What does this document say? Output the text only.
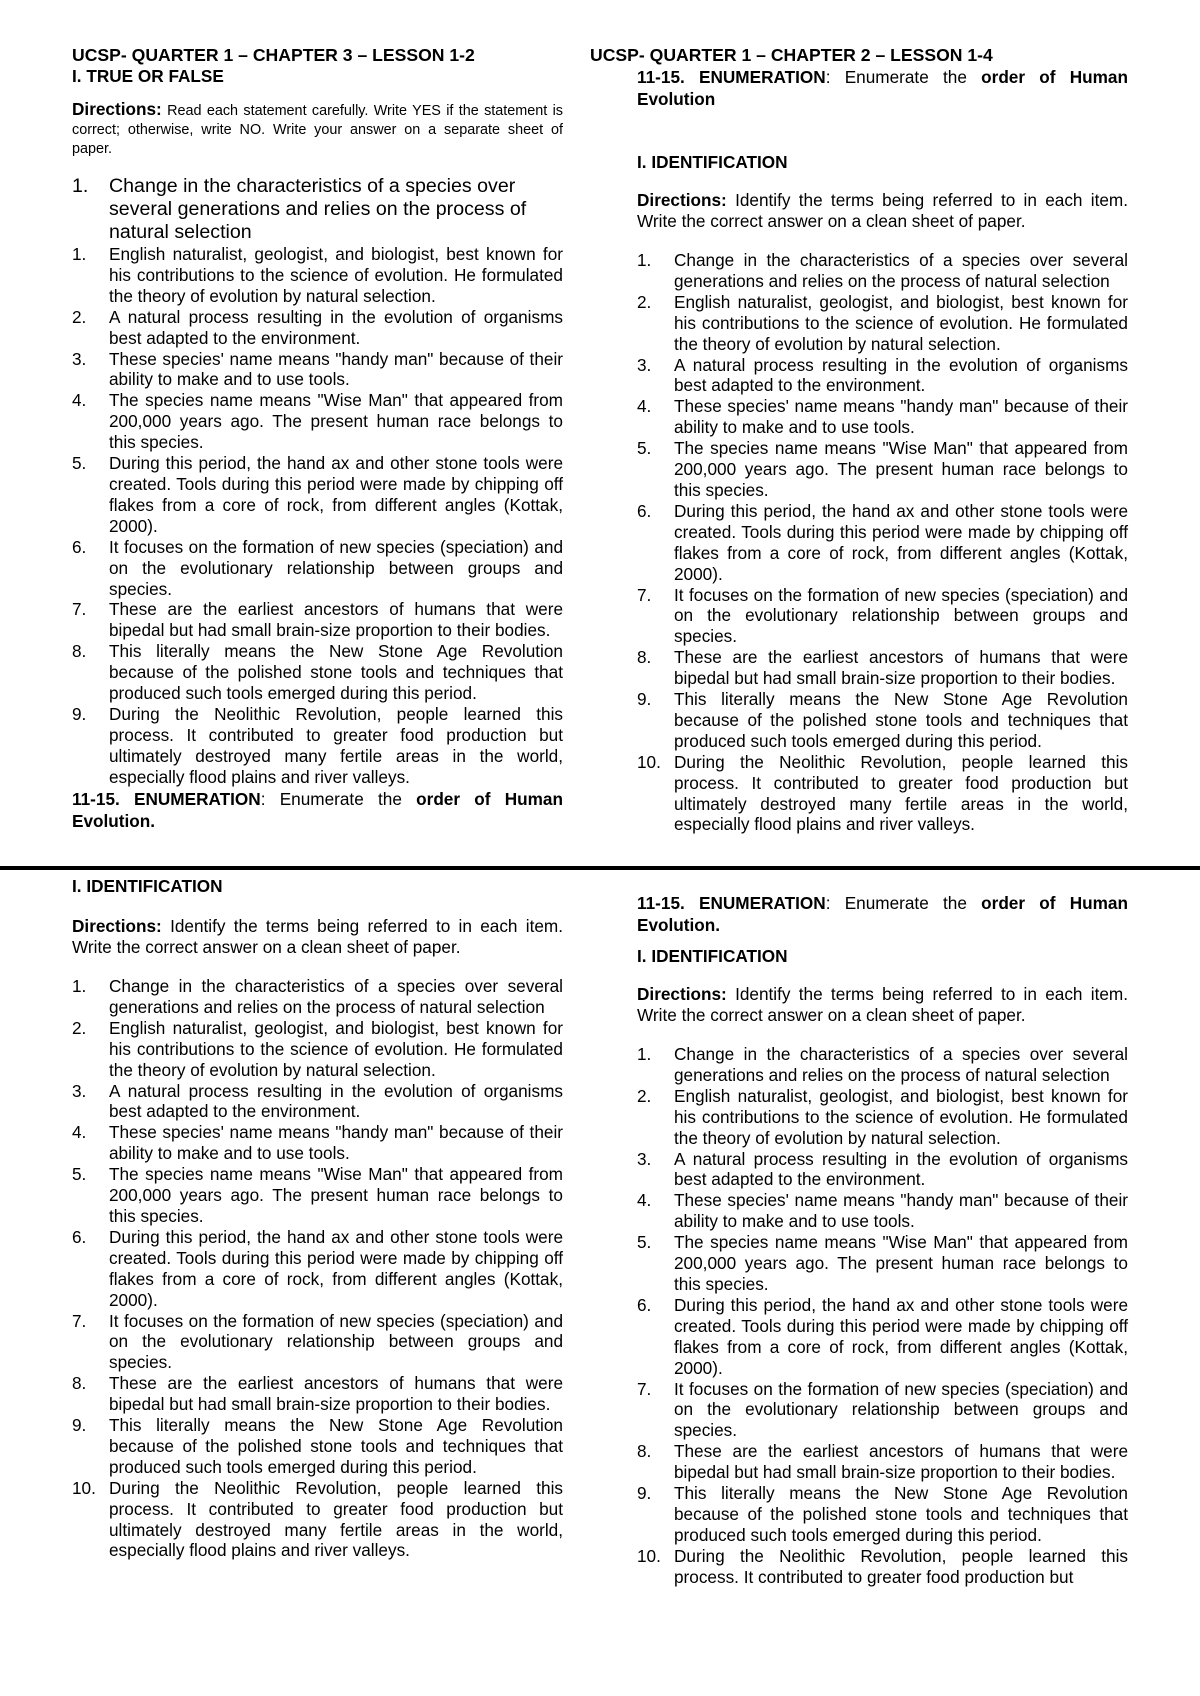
UCSP- QUARTER 1 – CHAPTER 3 – LESSON 1-2

I. TRUE OR FALSE

Directions: Read each statement carefully. Write YES if the statement is correct; otherwise, write NO. Write your answer on a separate sheet of paper.

1. Change in the characteristics of a species over several generations and relies on the process of natural selection
1. English naturalist, geologist, and biologist, best known for his contributions to the science of evolution. He formulated the theory of evolution by natural selection.
2. A natural process resulting in the evolution of organisms best adapted to the environment.
3. These species' name means "handy man" because of their ability to make and to use tools.
4. The species name means "Wise Man" that appeared from 200,000 years ago. The present human race belongs to this species.
5. During this period, the hand ax and other stone tools were created. Tools during this period were made by chipping off flakes from a core of rock, from different angles (Kottak, 2000).
6. It focuses on the formation of new species (speciation) and on the evolutionary relationship between groups and species.
7. These are the earliest ancestors of humans that were bipedal but had small brain-size proportion to their bodies.
8. This literally means the New Stone Age Revolution because of the polished stone tools and techniques that produced such tools emerged during this period.
9. During the Neolithic Revolution, people learned this process. It contributed to greater food production but ultimately destroyed many fertile areas in the world, especially flood plains and river valleys.

11-15. ENUMERATION: Enumerate the order of Human Evolution.

I. IDENTIFICATION

Directions: Identify the terms being referred to in each item. Write the correct answer on a clean sheet of paper.

1. Change in the characteristics of a species over several generations and relies on the process of natural selection
2. English naturalist, geologist, and biologist, best known for his contributions to the science of evolution. He formulated the theory of evolution by natural selection.
3. A natural process resulting in the evolution of organisms best adapted to the environment.
4. These species' name means "handy man" because of their ability to make and to use tools.
5. The species name means "Wise Man" that appeared from 200,000 years ago. The present human race belongs to this species.
6. During this period, the hand ax and other stone tools were created. Tools during this period were made by chipping off flakes from a core of rock, from different angles (Kottak, 2000).
7. It focuses on the formation of new species (speciation) and on the evolutionary relationship between groups and species.
8. These are the earliest ancestors of humans that were bipedal but had small brain-size proportion to their bodies.
9. This literally means the New Stone Age Revolution because of the polished stone tools and techniques that produced such tools emerged during this period.
10. During the Neolithic Revolution, people learned this process. It contributed to greater food production but ultimately destroyed many fertile areas in the world, especially flood plains and river valleys.

UCSP- QUARTER 1 – CHAPTER 2 – LESSON 1-4

11-15. ENUMERATION: Enumerate the order of Human Evolution

I. IDENTIFICATION

Directions: Identify the terms being referred to in each item. Write the correct answer on a clean sheet of paper.

1. Change in the characteristics of a species over several generations and relies on the process of natural selection
2. English naturalist, geologist, and biologist, best known for his contributions to the science of evolution. He formulated the theory of evolution by natural selection.
3. A natural process resulting in the evolution of organisms best adapted to the environment.
4. These species' name means "handy man" because of their ability to make and to use tools.
5. The species name means "Wise Man" that appeared from 200,000 years ago. The present human race belongs to this species.
6. During this period, the hand ax and other stone tools were created. Tools during this period were made by chipping off flakes from a core of rock, from different angles (Kottak, 2000).
7. It focuses on the formation of new species (speciation) and on the evolutionary relationship between groups and species.
8. These are the earliest ancestors of humans that were bipedal but had small brain-size proportion to their bodies.
9. This literally means the New Stone Age Revolution because of the polished stone tools and techniques that produced such tools emerged during this period.
10. During the Neolithic Revolution, people learned this process. It contributed to greater food production but ultimately destroyed many fertile areas in the world, especially flood plains and river valleys.

11-15. ENUMERATION: Enumerate the order of Human Evolution.

I. IDENTIFICATION

Directions: Identify the terms being referred to in each item. Write the correct answer on a clean sheet of paper.

1. Change in the characteristics of a species over several generations and relies on the process of natural selection
2. English naturalist, geologist, and biologist, best known for his contributions to the science of evolution. He formulated the theory of evolution by natural selection.
3. A natural process resulting in the evolution of organisms best adapted to the environment.
4. These species' name means "handy man" because of their ability to make and to use tools.
5. The species name means "Wise Man" that appeared from 200,000 years ago. The present human race belongs to this species.
6. During this period, the hand ax and other stone tools were created. Tools during this period were made by chipping off flakes from a core of rock, from different angles (Kottak, 2000).
7. It focuses on the formation of new species (speciation) and on the evolutionary relationship between groups and species.
8. These are the earliest ancestors of humans that were bipedal but had small brain-size proportion to their bodies.
9. This literally means the New Stone Age Revolution because of the polished stone tools and techniques that produced such tools emerged during this period.
10. During the Neolithic Revolution, people learned this process. It contributed to greater food production but
